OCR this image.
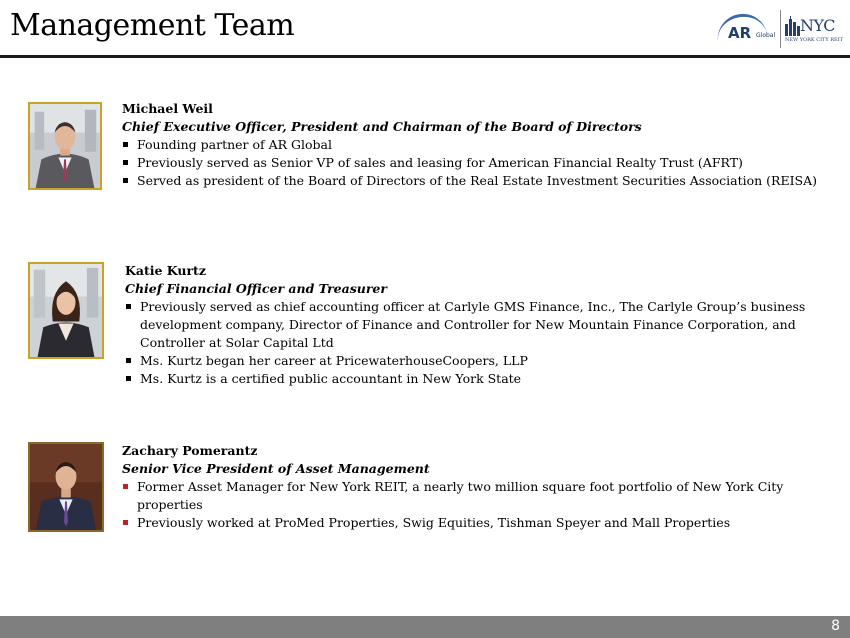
Management Team	AR Global
NYC
NEW YORK CITY REIT
Michael Weil
Chief Executive Officer, President and Chairman of the Board of Directors
Founding partner of AR Global
Previously served as Senior VP of sales and leasing for American Financial Realty Trust (AFRT)
Served as president of the Board of Directors of the Real Estate Investment Securities Association (REISA)
Katie Kurtz
Chief Financial Officer and Treasurer
Previously served as chief accounting officer at Carlyle GMS Finance, Inc., The Carlyle Group’s business development company, Director of Finance and Controller for New Mountain Finance Corporation, and Controller at Solar Capital Ltd
Ms. Kurtz began her career at PricewaterhouseCoopers, LLP
Ms. Kurtz is a certified public accountant in New York State
Zachary Pomerantz
Senior Vice President of Asset Management
Former Asset Manager for New York REIT, a nearly two million square foot portfolio of New York City properties
Previously worked at ProMed Properties, Swig Equities, Tishman Speyer and Mall Properties
8
